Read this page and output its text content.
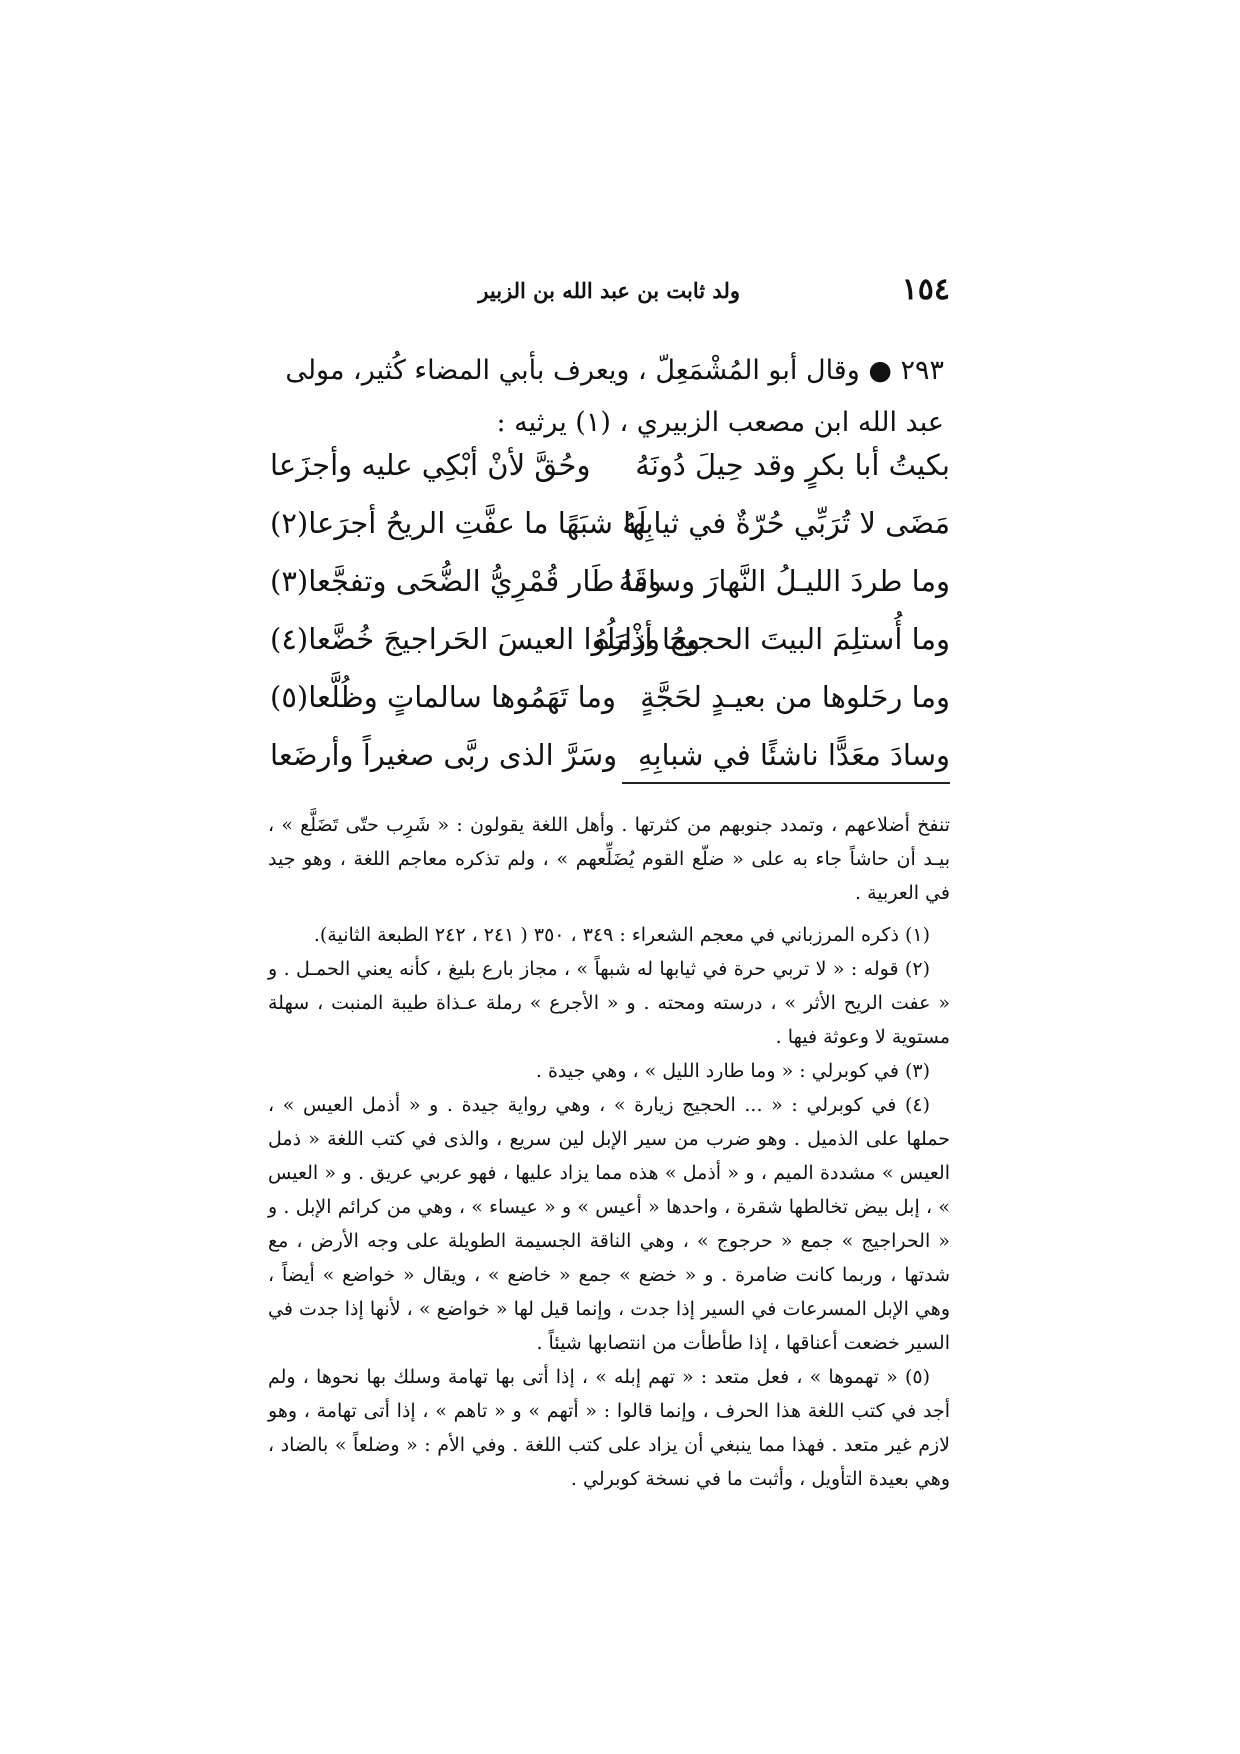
١٥٤
ولد ثابت بن عبد الله بن الزبير
٢٩٣ ● وقال أبو المُشْمَعِلّ ، ويعرف بأبي المضاء كُثير، مولى عبد الله ابن مصعب الزبيري ، (١) يرثيه :
بكيتُ أبا بكرٍ وقد حِيلَ دُونَهُ
وحُقَّ لأنْ أبْكِي عليه وأجزَعا
مَضَى لا تُرَبِّي حُرّةٌ في ثيابِها
لَهُ شبَهًا ما عفَّتِ الريحُ أجرَعا(٢)
وما طردَ الليـلُ النَّهارَ وساقَهُ
وما طَار قُمْرِيُّ الضُّحَى وتفجَّعا(٣)
وما أُستلِمَ البيتَ الحجيجُ وزارَهُ
وما أذْمَلُوا العيسَ الحَراجيجَ خُضَّعا(٤)
وما رحَلوها من بعيـدٍ لحَجَّةٍ
وما تَهَمُوها سالماتٍ وظُلَّعا(٥)
وسادَ معَدًّا ناشئًا في شبابِهِ
وسَرَّ الذى ربَّى صغيراً وأرضَعا

تنفخ أضلاعهم ، وتمدد جنوبهم من كثرتها . وأهل اللغة يقولون : « شَرِب حتّى تَضَلَّع » ، بيـد أن حاشاً جاء به على « ضلّع القوم يُضَلِّعهم » ، ولم تذكره معاجم اللغة ، وهو جيد في العربية .

(١) ذكره المرزباني في معجم الشعراء : ٣٤٩ ، ٣٥٠ ( ٢٤١ ، ٢٤٢ الطبعة الثانية).

(٢) قوله : « لا تربي حرة في ثيابها له شبهاً » ، مجاز بارع بليغ ، كأنه يعني الحمـل . و « عفت الريح الأثر » ، درسته ومحته . و « الأجرع » رملة عـذاة طيبة المنبت ، سهلة مستوية لا وعوثة فيها .

(٣) في كوبرلي : « وما طارد الليل » ، وهي جيدة .

(٤) في كوبرلي : « ... الحجيج زيارة » ، وهي رواية جيدة . و « أذمل العيس » ، حملها على الذميل . وهو ضرب من سير الإبل لين سريع ، والذى في كتب اللغة « ذمل العيس » مشددة الميم ، و « أذمل » هذه مما يزاد عليها ، فهو عربي عريق . و « العيس » ، إبل بيض تخالطها شقرة ، واحدها « أعيس » و « عيساء » ، وهي من كرائم الإبل . و « الحراجيج » جمع « حرجوج » ، وهي الناقة الجسيمة الطويلة على وجه الأرض ، مع شدتها ، وربما كانت ضامرة . و « خضع » جمع « خاضع » ، ويقال « خواضع » أيضاً ، وهي الإبل المسرعات في السير إذا جدت ، وإنما قيل لها « خواضع » ، لأنها إذا جدت في السير خضعت أعناقها ، إذا طأطأت من انتصابها شيئاً .

(٥) « تهموها » ، فعل متعد : « تهم إبله » ، إذا أتى بها تهامة وسلك بها نحوها ، ولم أجد في كتب اللغة هذا الحرف ، وإنما قالوا : « أتهم » و « تاهم » ، إذا أتى تهامة ، وهو لازم غير متعد . فهذا مما ينبغي أن يزاد على كتب اللغة . وفي الأم : « وضلعاً » بالضاد ، وهي بعيدة التأويل ، وأثبت ما في نسخة كوبرلي .
